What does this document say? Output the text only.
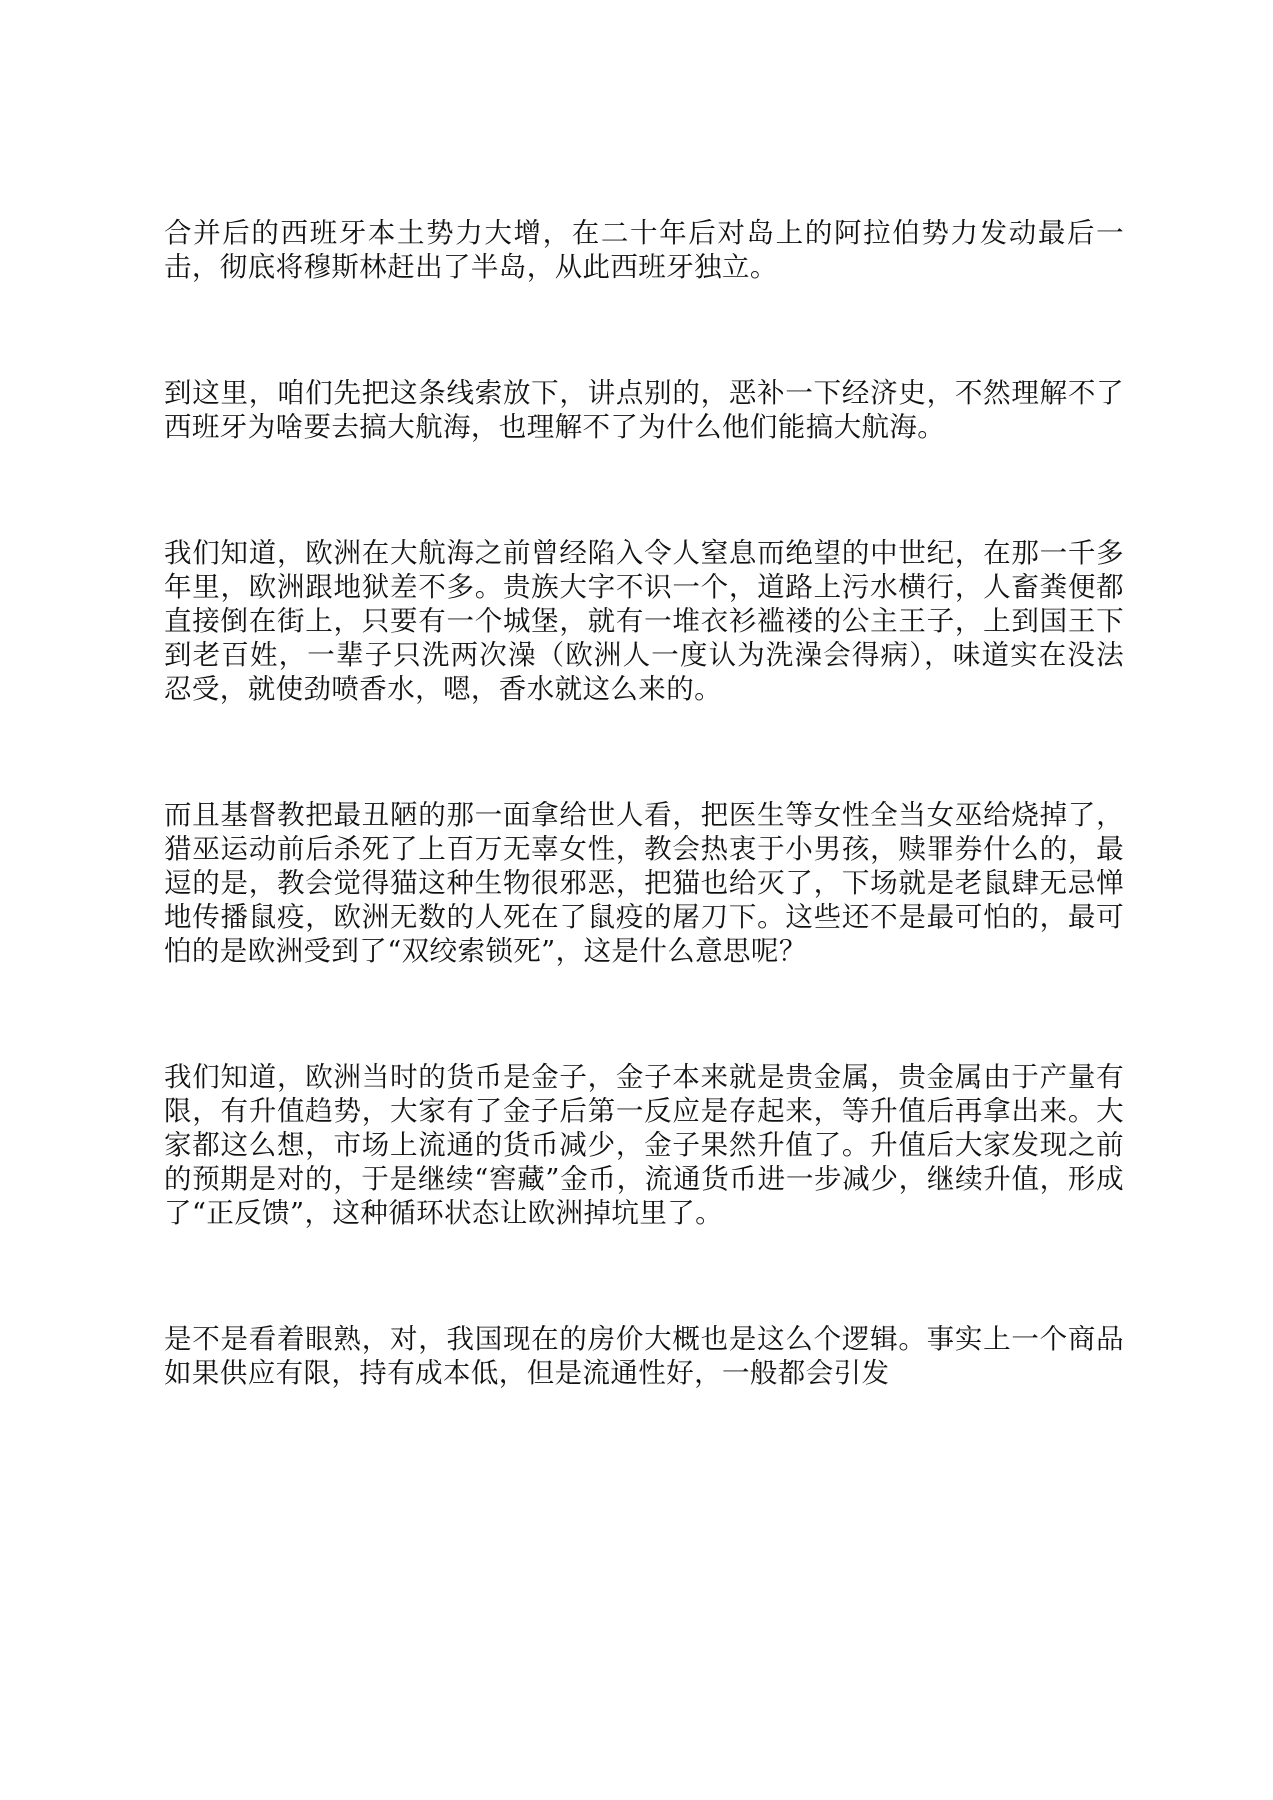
合并后的西班牙本土势力大增，在二十年后对岛上的阿拉伯势力发动最后一击，彻底将穆斯林赶出了半岛，从此西班牙独立。

到这里，咱们先把这条线索放下，讲点别的，恶补一下经济史，不然理解不了西班牙为啥要去搞大航海，也理解不了为什么他们能搞大航海。

我们知道，欧洲在大航海之前曾经陷入令人窒息而绝望的中世纪，在那一千多年里，欧洲跟地狱差不多。贵族大字不识一个，道路上污水横行，人畜粪便都直接倒在街上，只要有一个城堡，就有一堆衣衫褴褛的公主王子，上到国王下到老百姓，一辈子只洗两次澡（欧洲人一度认为洗澡会得病），味道实在没法忍受，就使劲喷香水，嗯，香水就这么来的。

而且基督教把最丑陋的那一面拿给世人看，把医生等女性全当女巫给烧掉了，猎巫运动前后杀死了上百万无辜女性，教会热衷于小男孩，赎罪券什么的，最逗的是，教会觉得猫这种生物很邪恶，把猫也给灭了，下场就是老鼠肆无忌惮地传播鼠疫，欧洲无数的人死在了鼠疫的屠刀下。这些还不是最可怕的，最可怕的是欧洲受到了“双绞索锁死”，这是什么意思呢？

我们知道，欧洲当时的货币是金子，金子本来就是贵金属，贵金属由于产量有限，有升值趋势，大家有了金子后第一反应是存起来，等升值后再拿出来。大家都这么想，市场上流通的货币减少，金子果然升值了。升值后大家发现之前的预期是对的，于是继续“窖藏”金币，流通货币进一步减少，继续升值，形成了“正反馈”，这种循环状态让欧洲掉坑里了。

是不是看着眼熟，对，我国现在的房价大概也是这么个逻辑。事实上一个商品如果供应有限，持有成本低，但是流通性好，一般都会引发
